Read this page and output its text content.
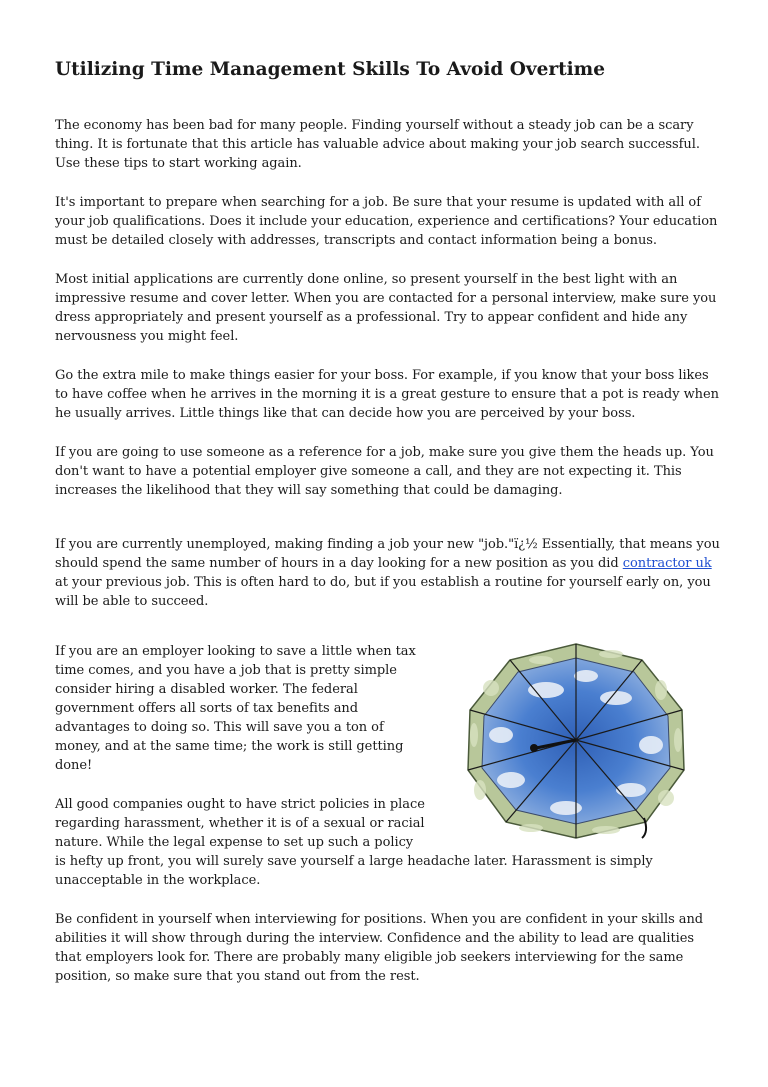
Utilizing Time Management Skills To Avoid Overtime

The economy has been bad for many people. Finding yourself without a steady job can be a scary thing. It is fortunate that this article has valuable advice about making your job search successful. Use these tips to start working again.

It's important to prepare when searching for a job. Be sure that your resume is updated with all of your job qualifications. Does it include your education, experience and certifications? Your education must be detailed closely with addresses, transcripts and contact information being a bonus.

Most initial applications are currently done online, so present yourself in the best light with an impressive resume and cover letter. When you are contacted for a personal interview, make sure you dress appropriately and present yourself as a professional. Try to appear confident and hide any nervousness you might feel.

Go the extra mile to make things easier for your boss. For example, if you know that your boss likes to have coffee when he arrives in the morning it is a great gesture to ensure that a pot is ready when he usually arrives. Little things like that can decide how you are perceived by your boss.

If you are going to use someone as a reference for a job, make sure you give them the heads up. You don't want to have a potential employer give someone a call, and they are not expecting it. This increases the likelihood that they will say something that could be damaging.

If you are currently unemployed, making finding a job your new "job."ï¿½ Essentially, that means you should spend the same number of hours in a day looking for a new position as you did contractor uk at your previous job. This is often hard to do, but if you establish a routine for yourself early on, you will be able to succeed.

If you are an employer looking to save a little when tax time comes, and you have a job that is pretty simple consider hiring a disabled worker. The federal government offers all sorts of tax benefits and advantages to doing so. This will save you a ton of money, and at the same time; the work is still getting done!

All good companies ought to have strict policies in place regarding harassment, whether it is of a sexual or racial nature. While the legal expense to set up such a policy is hefty up front, you will surely save yourself a large headache later. Harassment is simply unacceptable in the workplace.

Be confident in yourself when interviewing for positions. When you are confident in your skills and abilities it will show through during the interview. Confidence and the ability to lead are qualities that employers look for. There are probably many eligible job seekers interviewing for the same position, so make sure that you stand out from the rest.
